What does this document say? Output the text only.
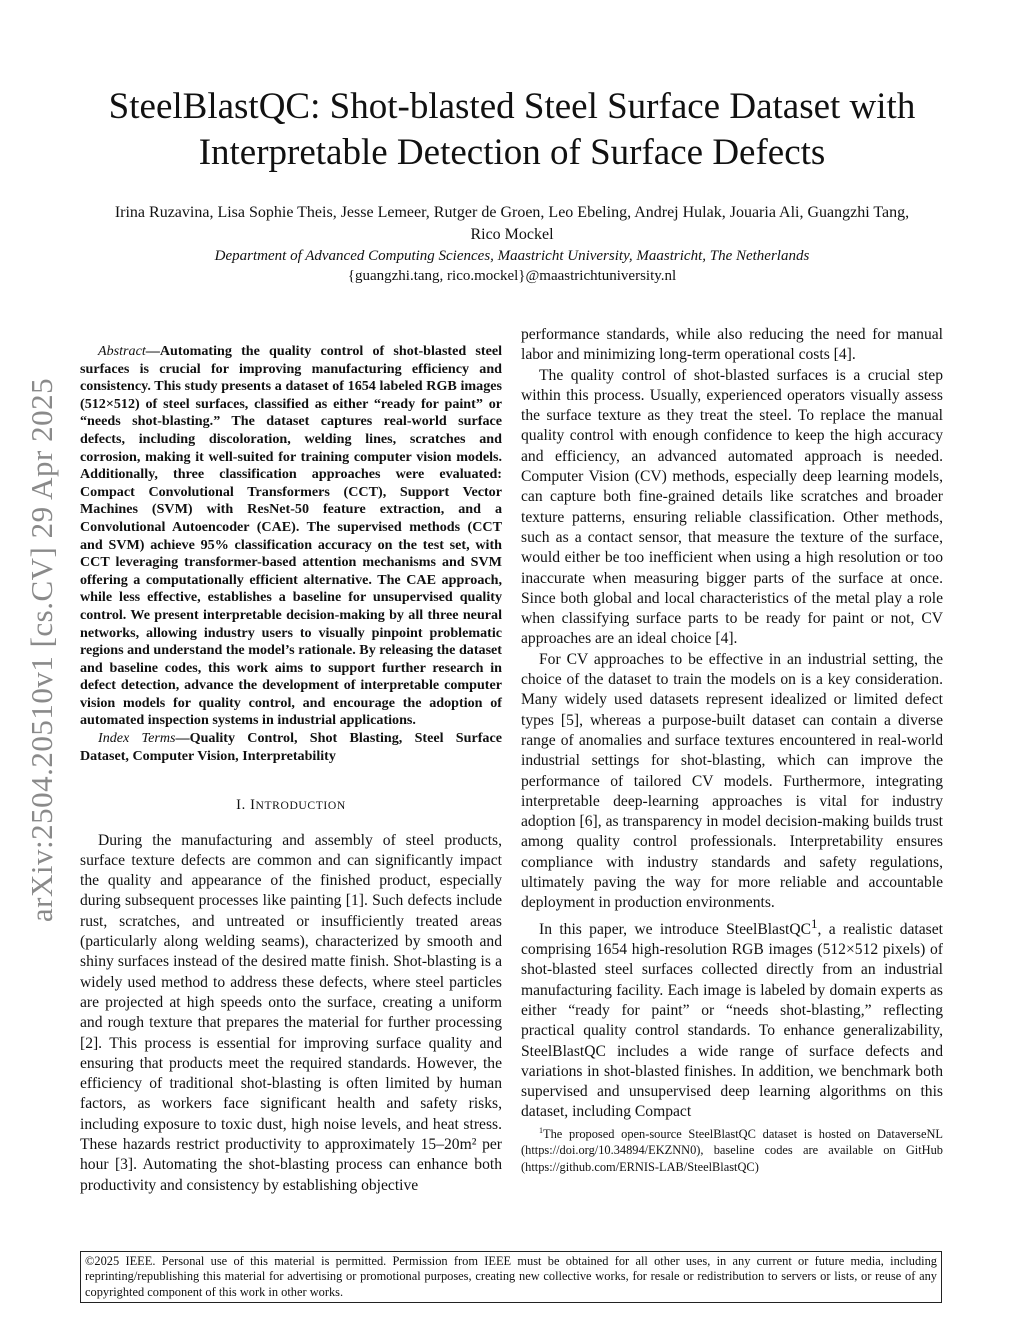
arXiv:2504.20510v1 [cs.CV] 29 Apr 2025
SteelBlastQC: Shot-blasted Steel Surface Dataset with Interpretable Detection of Surface Defects
Irina Ruzavina, Lisa Sophie Theis, Jesse Lemeer, Rutger de Groen, Leo Ebeling, Andrej Hulak, Jouaria Ali, Guangzhi Tang, Rico Mockel
Department of Advanced Computing Sciences, Maastricht University, Maastricht, The Netherlands
{guangzhi.tang, rico.mockel}@maastrichtuniversity.nl

Abstract—Automating the quality control of shot-blasted steel surfaces is crucial for improving manufacturing efficiency and consistency. This study presents a dataset of 1654 labeled RGB images (512×512) of steel surfaces, classified as either “ready for paint” or “needs shot-blasting.” The dataset captures real-world surface defects, including discoloration, welding lines, scratches and corrosion, making it well-suited for training computer vision models. Additionally, three classification approaches were evaluated: Compact Convolutional Transformers (CCT), Support Vector Machines (SVM) with ResNet-50 feature extraction, and a Convolutional Autoencoder (CAE). The supervised methods (CCT and SVM) achieve 95% classification accuracy on the test set, with CCT leveraging transformer-based attention mechanisms and SVM offering a computationally efficient alternative. The CAE approach, while less effective, establishes a baseline for unsupervised quality control. We present interpretable decision-making by all three neural networks, allowing industry users to visually pinpoint problematic regions and understand the model’s rationale. By releasing the dataset and baseline codes, this work aims to support further research in defect detection, advance the development of interpretable computer vision models for quality control, and encourage the adoption of automated inspection systems in industrial applications.

Index Terms—Quality Control, Shot Blasting, Steel Surface Dataset, Computer Vision, Interpretability

I. INTRODUCTION

During the manufacturing and assembly of steel products, surface texture defects are common and can significantly impact the quality and appearance of the finished product, especially during subsequent processes like painting [1]. Such defects include rust, scratches, and untreated or insufficiently treated areas (particularly along welding seams), characterized by smooth and shiny surfaces instead of the desired matte finish. Shot-blasting is a widely used method to address these defects, where steel particles are projected at high speeds onto the surface, creating a uniform and rough texture that prepares the material for further processing [2]. This process is essential for improving surface quality and ensuring that products meet the required standards. However, the efficiency of traditional shot-blasting is often limited by human factors, as workers face significant health and safety risks, including exposure to toxic dust, high noise levels, and heat stress. These hazards restrict productivity to approximately 15–20m² per hour [3]. Automating the shot-blasting process can enhance both productivity and consistency by establishing objective

performance standards, while also reducing the need for manual labor and minimizing long-term operational costs [4].

The quality control of shot-blasted surfaces is a crucial step within this process. Usually, experienced operators visually assess the surface texture as they treat the steel. To replace the manual quality control with enough confidence to keep the high accuracy and efficiency, an advanced automated approach is needed. Computer Vision (CV) methods, especially deep learning models, can capture both fine-grained details like scratches and broader texture patterns, ensuring reliable classification. Other methods, such as a contact sensor, that measure the texture of the surface, would either be too inefficient when using a high resolution or too inaccurate when measuring bigger parts of the surface at once. Since both global and local characteristics of the metal play a role when classifying surface parts to be ready for paint or not, CV approaches are an ideal choice [4].

For CV approaches to be effective in an industrial setting, the choice of the dataset to train the models on is a key consideration. Many widely used datasets represent idealized or limited defect types [5], whereas a purpose-built dataset can contain a diverse range of anomalies and surface textures encountered in real-world industrial settings for shot-blasting, which can improve the performance of tailored CV models. Furthermore, integrating interpretable deep-learning approaches is vital for industry adoption [6], as transparency in model decision-making builds trust among quality control professionals. Interpretability ensures compliance with industry standards and safety regulations, ultimately paving the way for more reliable and accountable deployment in production environments.

In this paper, we introduce SteelBlastQC$^1$, a realistic dataset comprising 1654 high-resolution RGB images (512×512 pixels) of shot-blasted steel surfaces collected directly from an industrial manufacturing facility. Each image is labeled by domain experts as either “ready for paint” or “needs shot-blasting,” reflecting practical quality control standards. To enhance generalizability, SteelBlastQC includes a wide range of surface defects and variations in shot-blasted finishes. In addition, we benchmark both supervised and unsupervised deep learning algorithms on this dataset, including Compact

$^1$The proposed open-source SteelBlastQC dataset is hosted on DataverseNL (https://doi.org/10.34894/EKZNN0), baseline codes are available on GitHub (https://github.com/ERNIS-LAB/SteelBlastQC)

©2025 IEEE. Personal use of this material is permitted. Permission from IEEE must be obtained for all other uses, in any current or future media, including reprinting/republishing this material for advertising or promotional purposes, creating new collective works, for resale or redistribution to servers or lists, or reuse of any copyrighted component of this work in other works.
